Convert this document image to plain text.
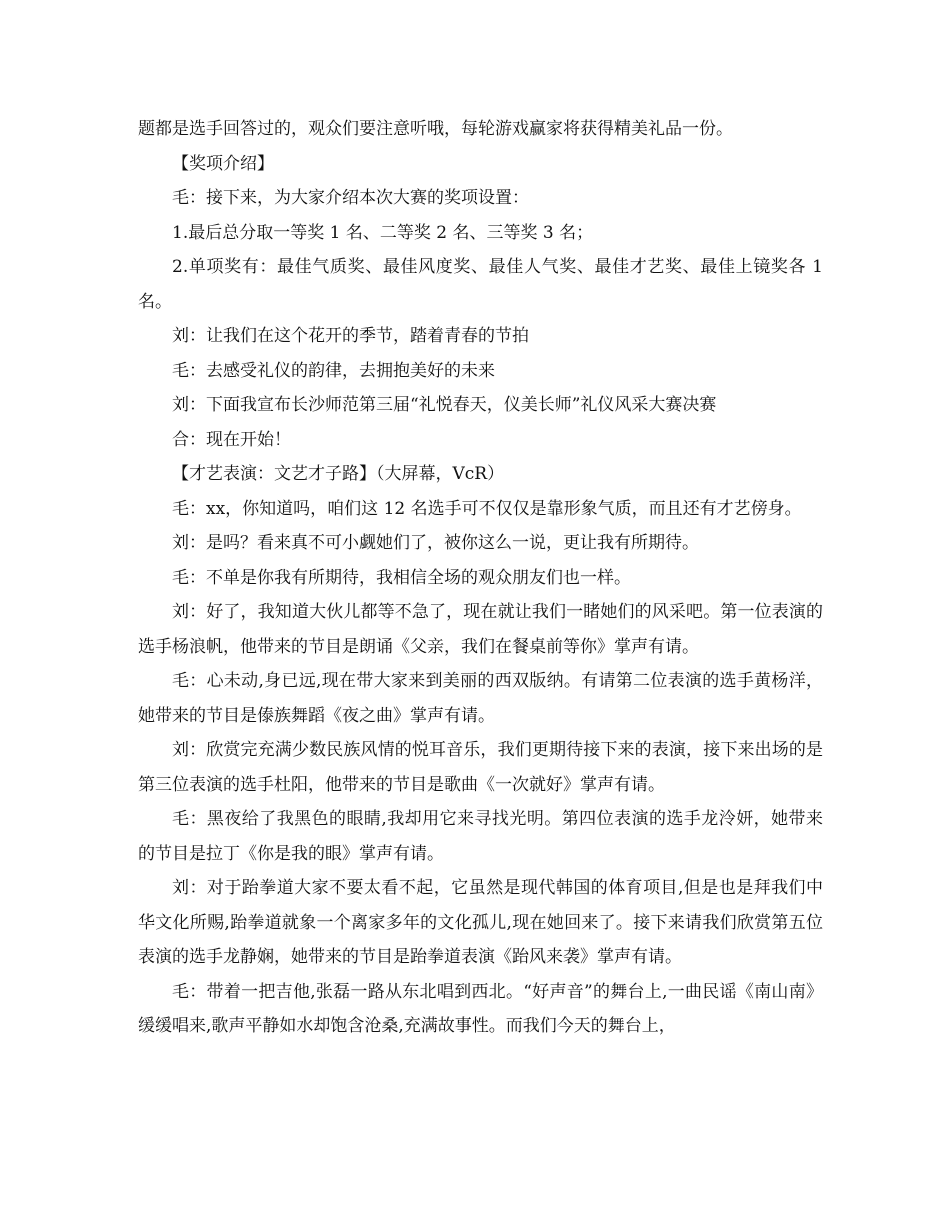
题都是选手回答过的，观众们要注意听哦，每轮游戏赢家将获得精美礼品一份。

【奖项介绍】

毛：接下来，为大家介绍本次大赛的奖项设置：

1.最后总分取一等奖 1 名、二等奖 2 名、三等奖 3 名；

2.单项奖有：最佳气质奖、最佳风度奖、最佳人气奖、最佳才艺奖、最佳上镜奖各 1 名。

刘：让我们在这个花开的季节，踏着青春的节拍

毛：去感受礼仪的韵律，去拥抱美好的未来

刘：下面我宣布长沙师范第三届“礼悦春天，仪美长师”礼仪风采大赛决赛

合：现在开始！

【才艺表演：文艺才子路】（大屏幕，VcR）

毛：xx，你知道吗，咱们这 12 名选手可不仅仅是靠形象气质，而且还有才艺傍身。

刘：是吗？看来真不可小觑她们了，被你这么一说，更让我有所期待。

毛：不单是你我有所期待，我相信全场的观众朋友们也一样。

刘：好了，我知道大伙儿都等不急了，现在就让我们一睹她们的风采吧。第一位表演的选手杨浪帆，他带来的节目是朗诵《父亲，我们在餐桌前等你》掌声有请。

毛：心未动,身已远,现在带大家来到美丽的西双版纳。有请第二位表演的选手黄杨洋，她带来的节目是傣族舞蹈《夜之曲》掌声有请。

刘：欣赏完充满少数民族风情的悦耳音乐，我们更期待接下来的表演，接下来出场的是第三位表演的选手杜阳，他带来的节目是歌曲《一次就好》掌声有请。

毛：黑夜给了我黑色的眼睛,我却用它来寻找光明。第四位表演的选手龙泠妍，她带来的节目是拉丁《你是我的眼》掌声有请。

刘：对于跆拳道大家不要太看不起，它虽然是现代韩国的体育项目,但是也是拜我们中华文化所赐,跆拳道就象一个离家多年的文化孤儿,现在她回来了。接下来请我们欣赏第五位表演的选手龙静娴，她带来的节目是跆拳道表演《跆风来袭》掌声有请。

毛：带着一把吉他,张磊一路从东北唱到西北。“好声音”的舞台上,一曲民谣《南山南》缓缓唱来,歌声平静如水却饱含沧桑,充满故事性。而我们今天的舞台上，
